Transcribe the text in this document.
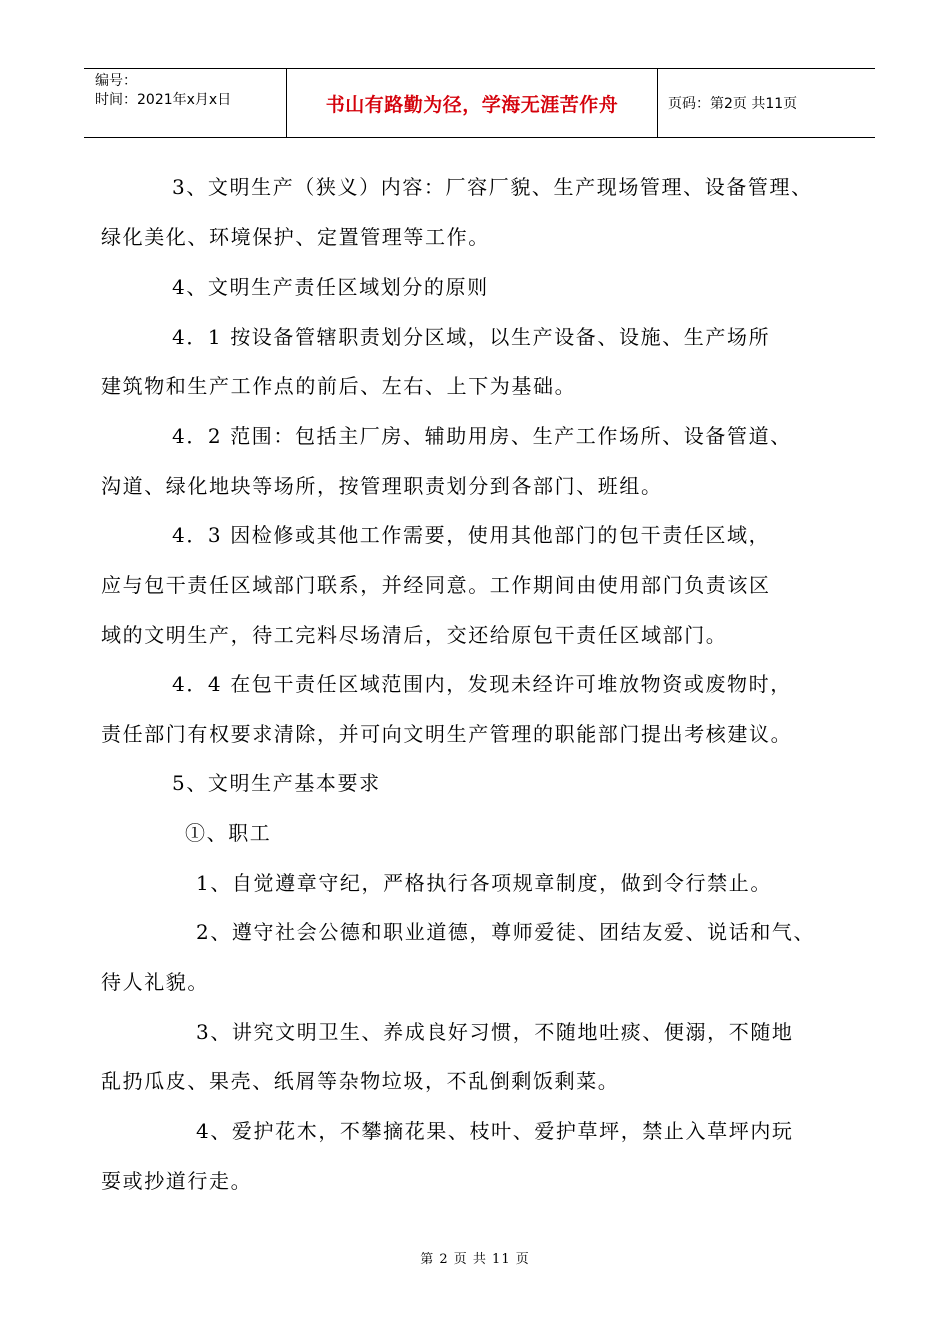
编号：
时间：2021年x月x日	书山有路勤为径，学海无涯苦作舟	页码：第2页 共11页
3、文明生产（狭义）内容：厂容厂貌、生产现场管理、设备管理、
绿化美化、环境保护、定置管理等工作。
4、文明生产责任区域划分的原则
4．1 按设备管辖职责划分区域，以生产设备、设施、生产场所
建筑物和生产工作点的前后、左右、上下为基础。
4．2 范围：包括主厂房、辅助用房、生产工作场所、设备管道、
沟道、绿化地块等场所，按管理职责划分到各部门、班组。
4．3 因检修或其他工作需要，使用其他部门的包干责任区域，
应与包干责任区域部门联系，并经同意。工作期间由使用部门负责该区
域的文明生产，待工完料尽场清后，交还给原包干责任区域部门。
4．4 在包干责任区域范围内，发现未经许可堆放物资或废物时，
责任部门有权要求清除，并可向文明生产管理的职能部门提出考核建议。
5、文明生产基本要求
①、职工
1、自觉遵章守纪，严格执行各项规章制度，做到令行禁止。
2、遵守社会公德和职业道德，尊师爱徒、团结友爱、说话和气、
待人礼貌。
3、讲究文明卫生、养成良好习惯，不随地吐痰、便溺，不随地
乱扔瓜皮、果壳、纸屑等杂物垃圾，不乱倒剩饭剩菜。
4、爱护花木，不攀摘花果、枝叶、爱护草坪，禁止入草坪内玩
耍或抄道行走。
第 2 页 共 11 页
